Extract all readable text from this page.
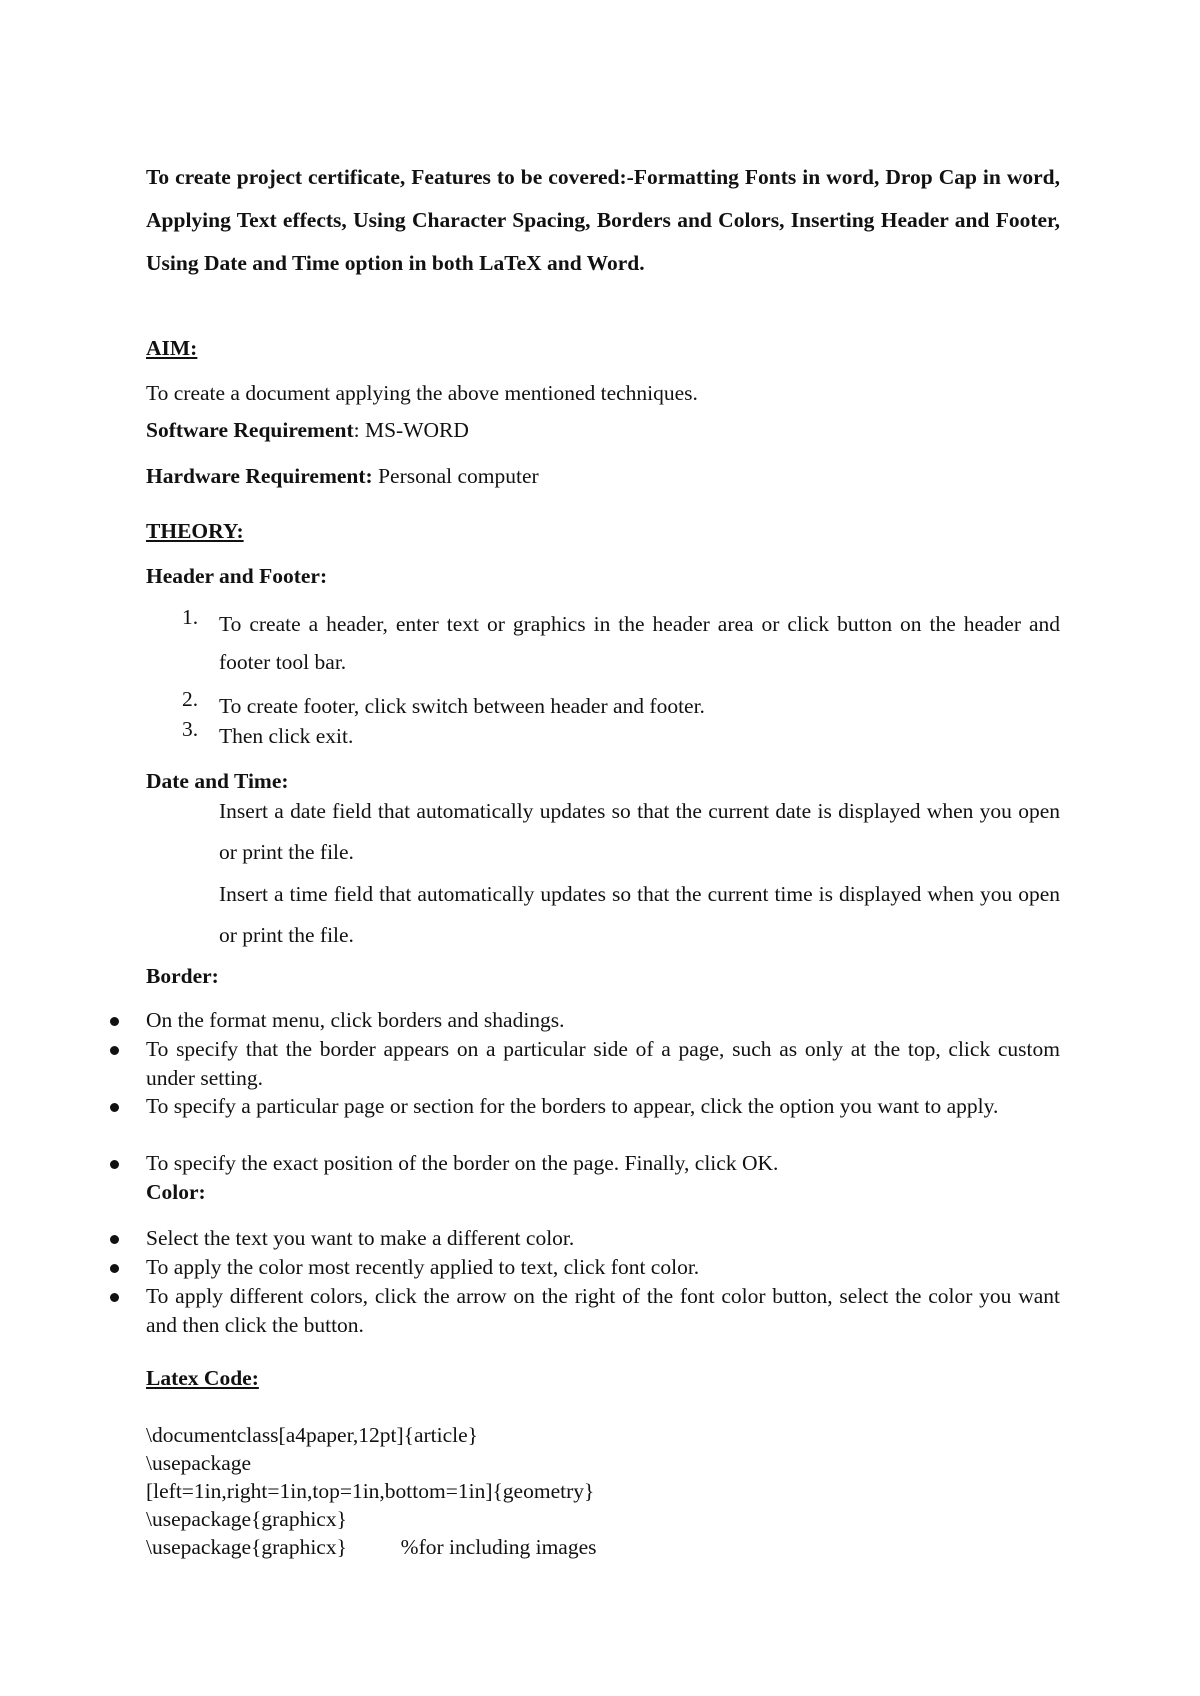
To create project certificate, Features to be covered:-Formatting Fonts in word, Drop Cap in word, Applying Text effects, Using Character Spacing, Borders and Colors, Inserting Header and Footer, Using Date and Time option in both LaTeX and Word.
AIM:
To create a document applying the above mentioned techniques.
Software Requirement: MS-WORD
Hardware Requirement: Personal computer
THEORY:
Header and Footer:
1. To create a header, enter text or graphics in the header area or click button on the header and footer tool bar.
2. To create footer, click switch between header and footer.
3. Then click exit.
Date and Time:
Insert a date field that automatically updates so that the current date is displayed when you open or print the file.
Insert a time field that automatically updates so that the current time is displayed when you open or print the file.
Border:
On the format menu, click borders and shadings.
To specify that the border appears on a particular side of a page, such as only at the top, click custom under setting.
To specify a particular page or section for the borders to appear, click the option you want to apply.
To specify the exact position of the border on the page. Finally, click OK.
Color:
Select the text you want to make a different color.
To apply the color most recently applied to text, click font color.
To apply different colors, click the arrow on the right of the font color button, select the color you want and then click the button.
Latex Code:
\documentclass[a4paper,12pt]{article}
\usepackage
[left=1in,right=1in,top=1in,bottom=1in]{geometry}
\usepackage{graphicx}
\usepackage{graphicx}          %for including images
